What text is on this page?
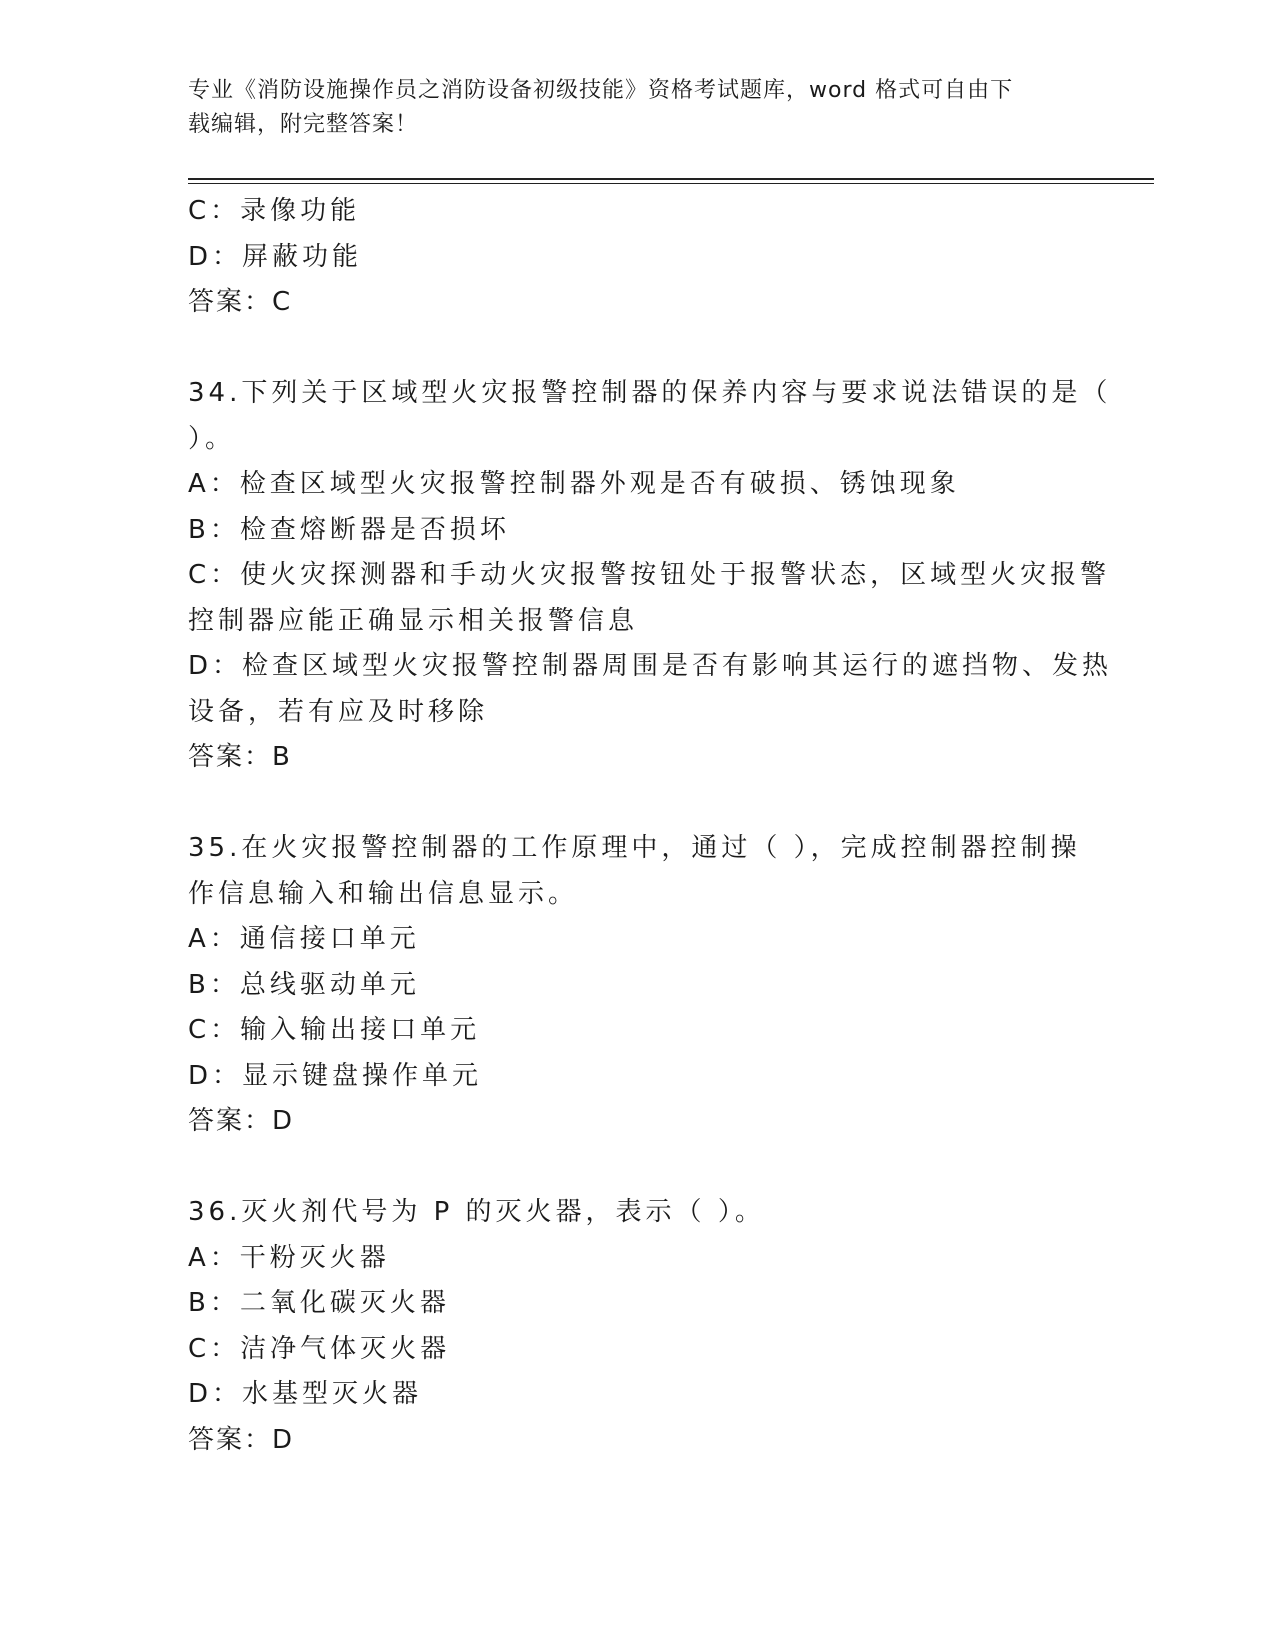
专业《消防设施操作员之消防设备初级技能》资格考试题库，word 格式可自由下
载编辑，附完整答案！
C：录像功能
D：屏蔽功能
答案：C
34.下列关于区域型火灾报警控制器的保养内容与要求说法错误的是（
）。
A：检查区域型火灾报警控制器外观是否有破损、锈蚀现象
B：检查熔断器是否损坏
C：使火灾探测器和手动火灾报警按钮处于报警状态，区域型火灾报警
控制器应能正确显示相关报警信息
D：检查区域型火灾报警控制器周围是否有影响其运行的遮挡物、发热
设备，若有应及时移除
答案：B
35.在火灾报警控制器的工作原理中，通过（ ），完成控制器控制操
作信息输入和输出信息显示。
A：通信接口单元
B：总线驱动单元
C：输入输出接口单元
D：显示键盘操作单元
答案：D
36.灭火剂代号为 P 的灭火器，表示（ ）。
A：干粉灭火器
B：二氧化碳灭火器
C：洁净气体灭火器
D：水基型灭火器
答案：D
